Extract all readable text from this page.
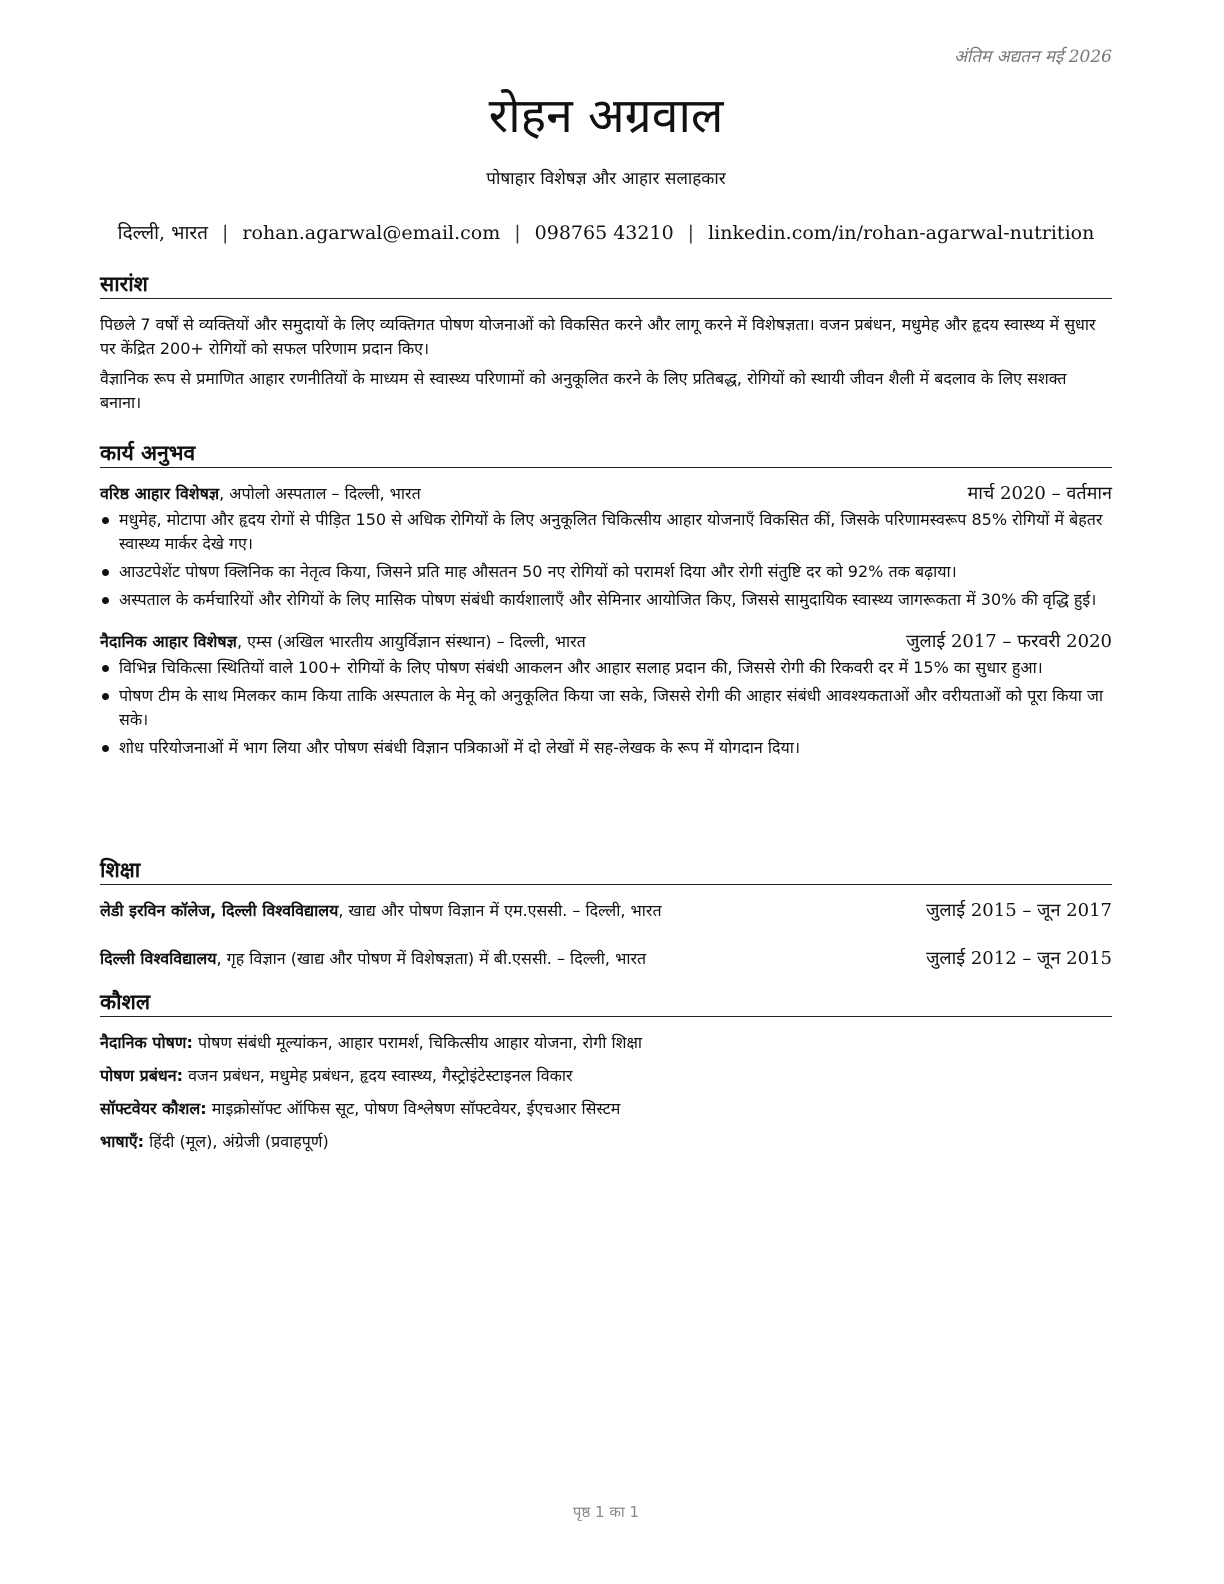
अंतिम अद्यतन मई 2026
रोहन अग्रवाल
पोषाहार विशेषज्ञ और आहार सलाहकार
दिल्ली, भारत | rohan.agarwal@email.com | 098765 43210 | linkedin.com/in/rohan-agarwal-nutrition
सारांश

पिछले 7 वर्षों से व्यक्तियों और समुदायों के लिए व्यक्तिगत पोषण योजनाओं को विकसित करने और लागू करने में विशेषज्ञता। वजन प्रबंधन, मधुमेह और हृदय स्वास्थ्य में सुधार पर केंद्रित 200+ रोगियों को सफल परिणाम प्रदान किए।

वैज्ञानिक रूप से प्रमाणित आहार रणनीतियों के माध्यम से स्वास्थ्य परिणामों को अनुकूलित करने के लिए प्रतिबद्ध, रोगियों को स्थायी जीवन शैली में बदलाव के लिए सशक्त बनाना।

कार्य अनुभव
वरिष्ठ आहार विशेषज्ञ, अपोलो अस्पताल – दिल्ली, भारत	मार्च 2020 – वर्तमान
मधुमेह, मोटापा और हृदय रोगों से पीड़ित 150 से अधिक रोगियों के लिए अनुकूलित चिकित्सीय आहार योजनाएँ विकसित कीं, जिसके परिणामस्वरूप 85% रोगियों में बेहतर स्वास्थ्य मार्कर देखे गए।
आउटपेशेंट पोषण क्लिनिक का नेतृत्व किया, जिसने प्रति माह औसतन 50 नए रोगियों को परामर्श दिया और रोगी संतुष्टि दर को 92% तक बढ़ाया।
अस्पताल के कर्मचारियों और रोगियों के लिए मासिक पोषण संबंधी कार्यशालाएँ और सेमिनार आयोजित किए, जिससे सामुदायिक स्वास्थ्य जागरूकता में 30% की वृद्धि हुई।
नैदानिक आहार विशेषज्ञ, एम्स (अखिल भारतीय आयुर्विज्ञान संस्थान) – दिल्ली, भारत	जुलाई 2017 – फरवरी 2020
विभिन्न चिकित्सा स्थितियों वाले 100+ रोगियों के लिए पोषण संबंधी आकलन और आहार सलाह प्रदान की, जिससे रोगी की रिकवरी दर में 15% का सुधार हुआ।
पोषण टीम के साथ मिलकर काम किया ताकि अस्पताल के मेनू को अनुकूलित किया जा सके, जिससे रोगी की आहार संबंधी आवश्यकताओं और वरीयताओं को पूरा किया जा सके।
शोध परियोजनाओं में भाग लिया और पोषण संबंधी विज्ञान पत्रिकाओं में दो लेखों में सह-लेखक के रूप में योगदान दिया।
शिक्षा
लेडी इरविन कॉलेज, दिल्ली विश्वविद्यालय, खाद्य और पोषण विज्ञान में एम.एससी. – दिल्ली, भारत	जुलाई 2015 – जून 2017
दिल्ली विश्वविद्यालय, गृह विज्ञान (खाद्य और पोषण में विशेषज्ञता) में बी.एससी. – दिल्ली, भारत	जुलाई 2012 – जून 2015
कौशल

नैदानिक पोषण: पोषण संबंधी मूल्यांकन, आहार परामर्श, चिकित्सीय आहार योजना, रोगी शिक्षा

पोषण प्रबंधन: वजन प्रबंधन, मधुमेह प्रबंधन, हृदय स्वास्थ्य, गैस्ट्रोइंटेस्टाइनल विकार

सॉफ्टवेयर कौशल: माइक्रोसॉफ्ट ऑफिस सूट, पोषण विश्लेषण सॉफ्टवेयर, ईएचआर सिस्टम

भाषाएँ: हिंदी (मूल), अंग्रेजी (प्रवाहपूर्ण)

पृष्ठ 1 का 1
